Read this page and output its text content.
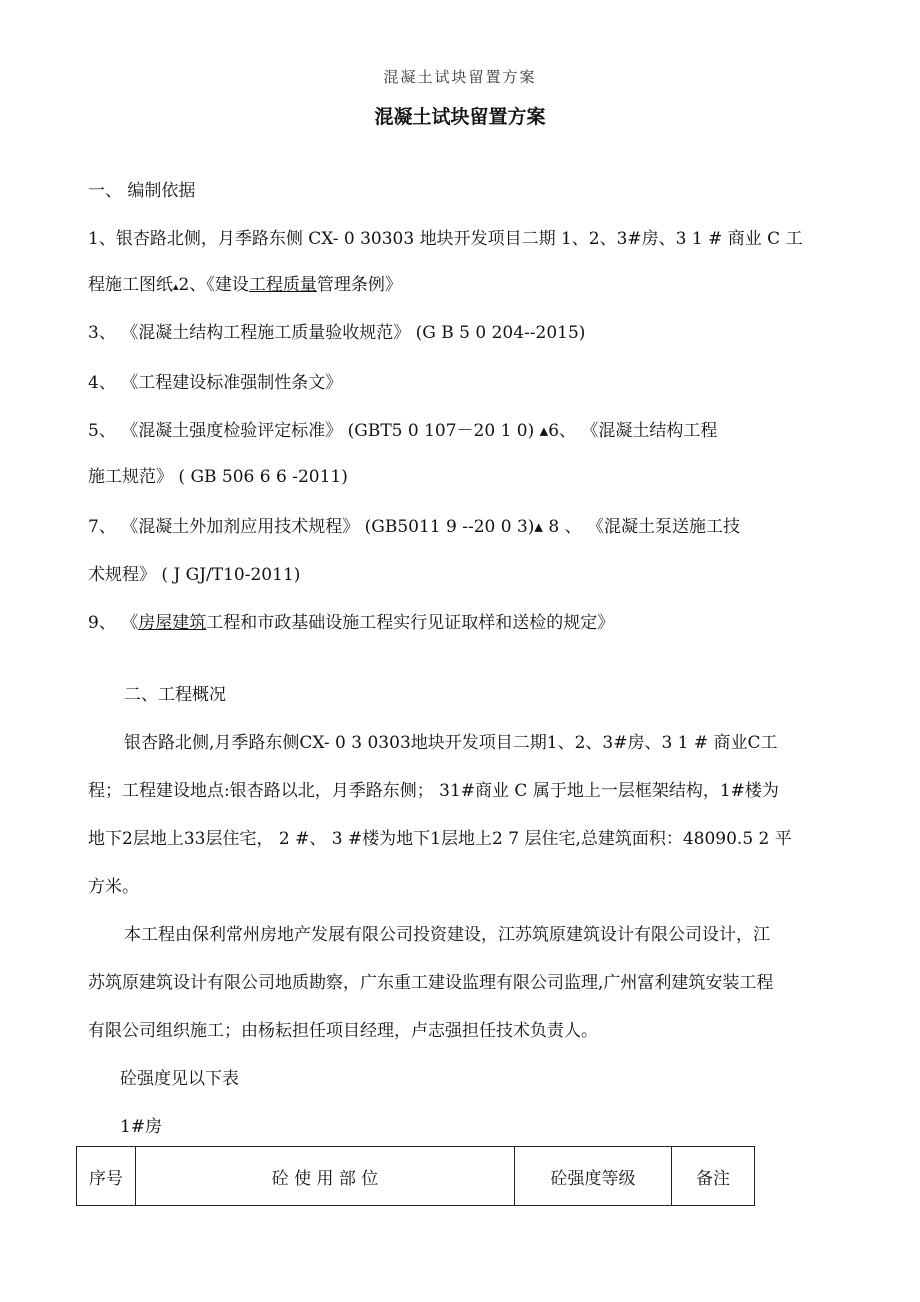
混凝土试块留置方案
混凝土试块留置方案
一、 编制依据
1、银杏路北侧，月季路东侧 CX- 0 30303 地块开发项目二期 1、2、3#房、3 1 # 商业 C 工
程施工图纸▴2、《建设工程质量管理条例》
3、 《混凝土结构工程施工质量验收规范》 (G B 5 0 204--2015)
4、 《工程建设标准强制性条文》
5、 《混凝土强度检验评定标准》 (GBT5 0 107－20 1 0) ▴6、 《混凝土结构工程
施工规范》 ( GB 506 6 6 -2011)
7、 《混凝土外加剂应用技术规程》 (GB5011 9 --20 0 3)▴ 8 、 《混凝土泵送施工技
术规程》 ( J GJ/T10-2011)
9、 《房屋建筑工程和市政基础设施工程实行见证取样和送检的规定》
二、工程概况
银杏路北侧,月季路东侧CX- 0 3 0303地块开发项目二期1、2、3#房、3 1 # 商业C工
程；工程建设地点:银杏路以北，月季路东侧； 31#商业 C 属于地上一层框架结构，1#楼为
地下2层地上33层住宅， 2 #、 3 #楼为地下1层地上2 7 层住宅,总建筑面积：48090.5 2 平
方米。
本工程由保利常州房地产发展有限公司投资建设，江苏筑原建筑设计有限公司设计，江
苏筑原建筑设计有限公司地质勘察，广东重工建设监理有限公司监理,广州富利建筑安装工程
有限公司组织施工；由杨耘担任项目经理，卢志强担任技术负责人。
砼强度见以下表
1#房
序号	砼 使 用 部 位	砼强度等级	备注
